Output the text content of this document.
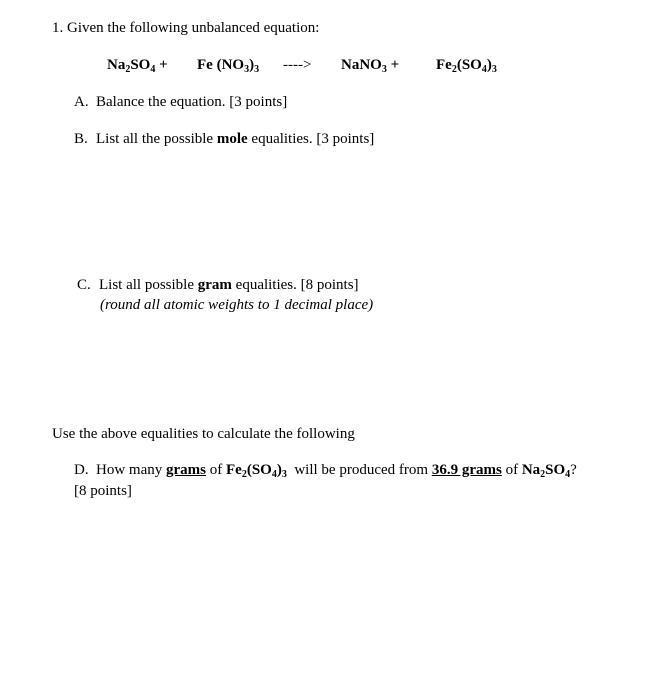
1. Given the following unbalanced equation:
$Na_2SO_4 + Fe$ $(NO_3)_3$ ----> NaNO$_3$ + $Fe_2(SO_4)_3$
A. Balance the equation. [3 points]
B. List all the possible mole equalities. [3 points]
C. List all possible gram equalities. [8 points]
(round all atomic weights to 1 decimal place)
Use the above equalities to calculate the following
D. How many grams of $Fe_2(SO_4)_3$  will be produced from 36.9 grams of $Na_2SO_4$?
[8 points]
